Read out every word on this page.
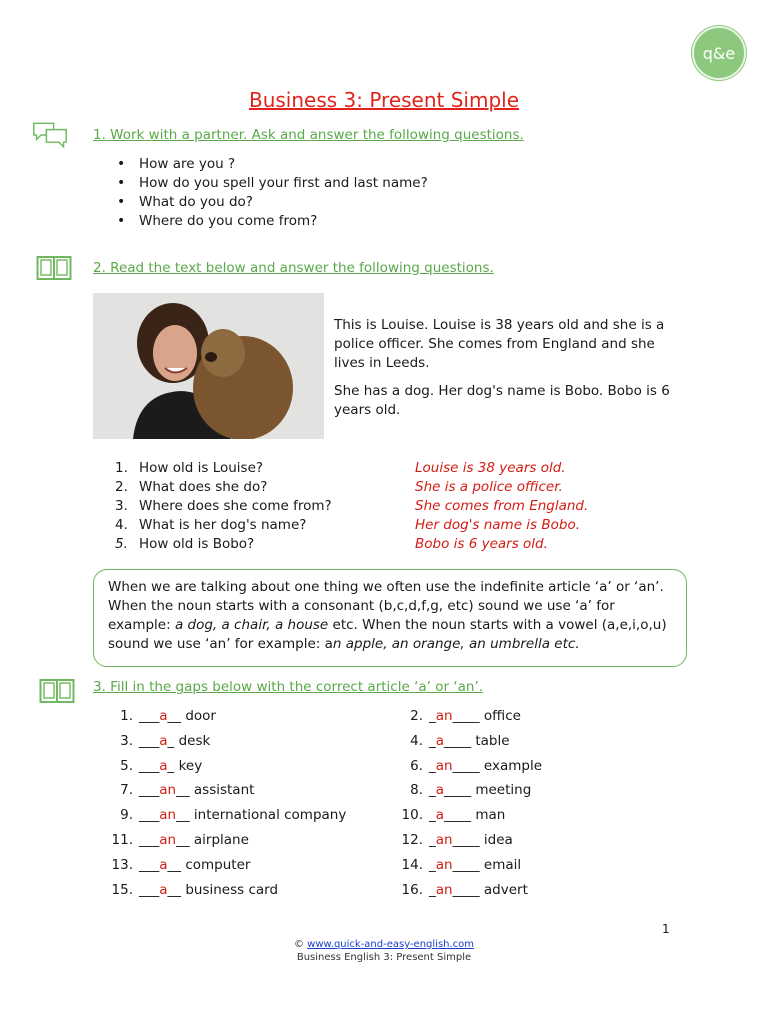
q&e
Business 3: Present Simple
1. Work with a partner. Ask and answer the following questions.
• How are you ?
• How do you spell your first and last name?
• What do you do?
• Where do you come from?
2. Read the text below and answer the following questions.

This is Louise. Louise is 38 years old and she is a police officer. She comes from England and she lives in Leeds.

She has a dog. Her dog's name is Bobo. Bobo is 6 years old.

1. How old is Louise?	Louise is 38 years old.
2. What does she do?	She is a police officer.
3. Where does she come from?	She comes from England.
4. What is her dog's name?	Her dog's name is Bobo.
5. How old is Bobo?	Bobo is 6 years old.
When we are talking about one thing we often use the indefinite article ‘a’ or ‘an’. When the noun starts with a consonant (b,c,d,f,g, etc) sound we use ‘a’ for example: a dog, a chair, a house etc. When the noun starts with a vowel (a,e,i,o,u) sound we use ‘an’ for example: an apple, an orange, an umbrella etc.
3. Fill in the gaps below with the correct article ‘a’ or ‘an’.
1. ___a__ door	2. _an____ office
3. ___a_ desk	4. _a____ table
5. ___a_ key	6. _an____ example
7. ___an__ assistant	8. _a____ meeting
9. ___an__ international company	10. _a____ man
11. ___an__ airplane	12. _an____ idea
13. ___a__ computer	14. _an____ email
15. ___a__ business card	16. _an____ advert
1
© www.quick-and-easy-english.com
Business English 3: Present Simple
